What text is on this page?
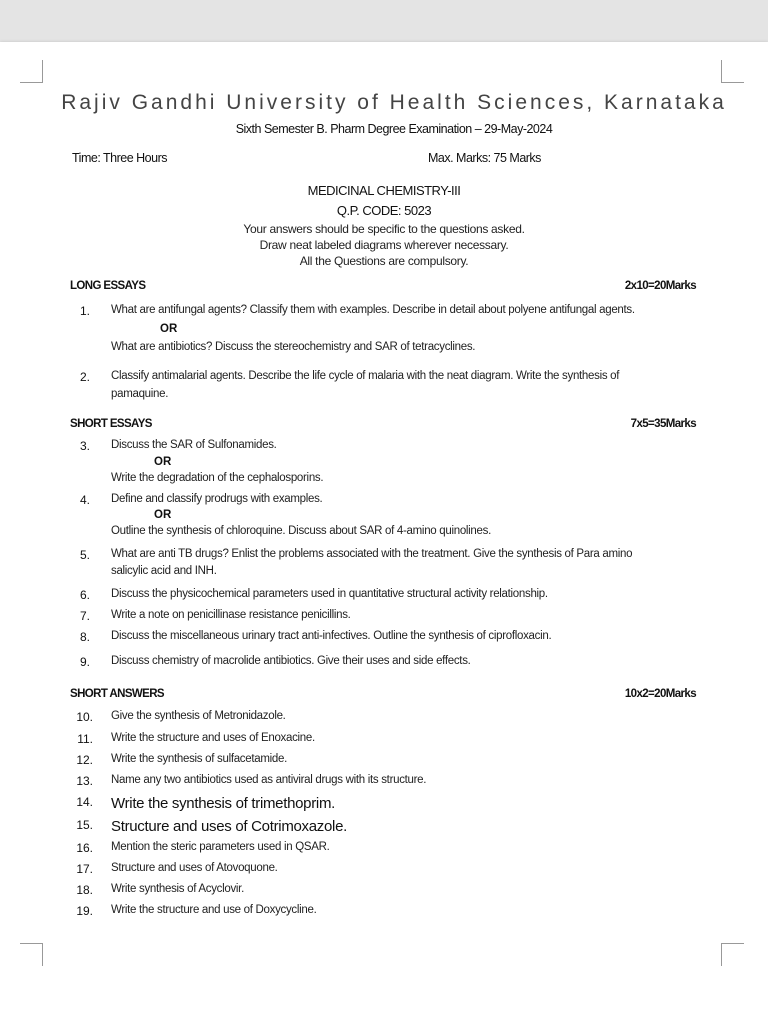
Rajiv Gandhi University of Health Sciences, Karnataka
Sixth Semester B. Pharm Degree Examination – 29-May-2024
Time: Three Hours	Max. Marks: 75 Marks
MEDICINAL CHEMISTRY-III
Q.P. CODE: 5023
Your answers should be specific to the questions asked.
Draw neat labeled diagrams wherever necessary.
All the Questions are compulsory.
LONG ESSAYS	2x10=20Marks
1. What are antifungal agents? Classify them with examples. Describe in detail about polyene antifungal agents.
OR
What are antibiotics? Discuss the stereochemistry and SAR of tetracyclines.
2. Classify antimalarial agents. Describe the life cycle of malaria with the neat diagram. Write the synthesis of
pamaquine.
SHORT ESSAYS	7x5=35Marks
3. Discuss the SAR of Sulfonamides.
OR
Write the degradation of the cephalosporins.
4. Define and classify prodrugs with examples.
OR
Outline the synthesis of chloroquine. Discuss about SAR of 4-amino quinolines.
5. What are anti TB drugs? Enlist the problems associated with the treatment. Give the synthesis of Para amino
salicylic acid and INH.
6. Discuss the physicochemical parameters used in quantitative structural activity relationship.
7. Write a note on penicillinase resistance penicillins.
8. Discuss the miscellaneous urinary tract anti-infectives. Outline the synthesis of ciprofloxacin.
9. Discuss chemistry of macrolide antibiotics. Give their uses and side effects.
SHORT ANSWERS	10x2=20Marks
10. Give the synthesis of Metronidazole.
11. Write the structure and uses of Enoxacine.
12. Write the synthesis of sulfacetamide.
13. Name any two antibiotics used as antiviral drugs with its structure.
14. Write the synthesis of trimethoprim.
15. Structure and uses of Cotrimoxazole.
16. Mention the steric parameters used in QSAR.
17. Structure and uses of Atovoquone.
18. Write synthesis of Acyclovir.
19. Write the structure and use of Doxycycline.
